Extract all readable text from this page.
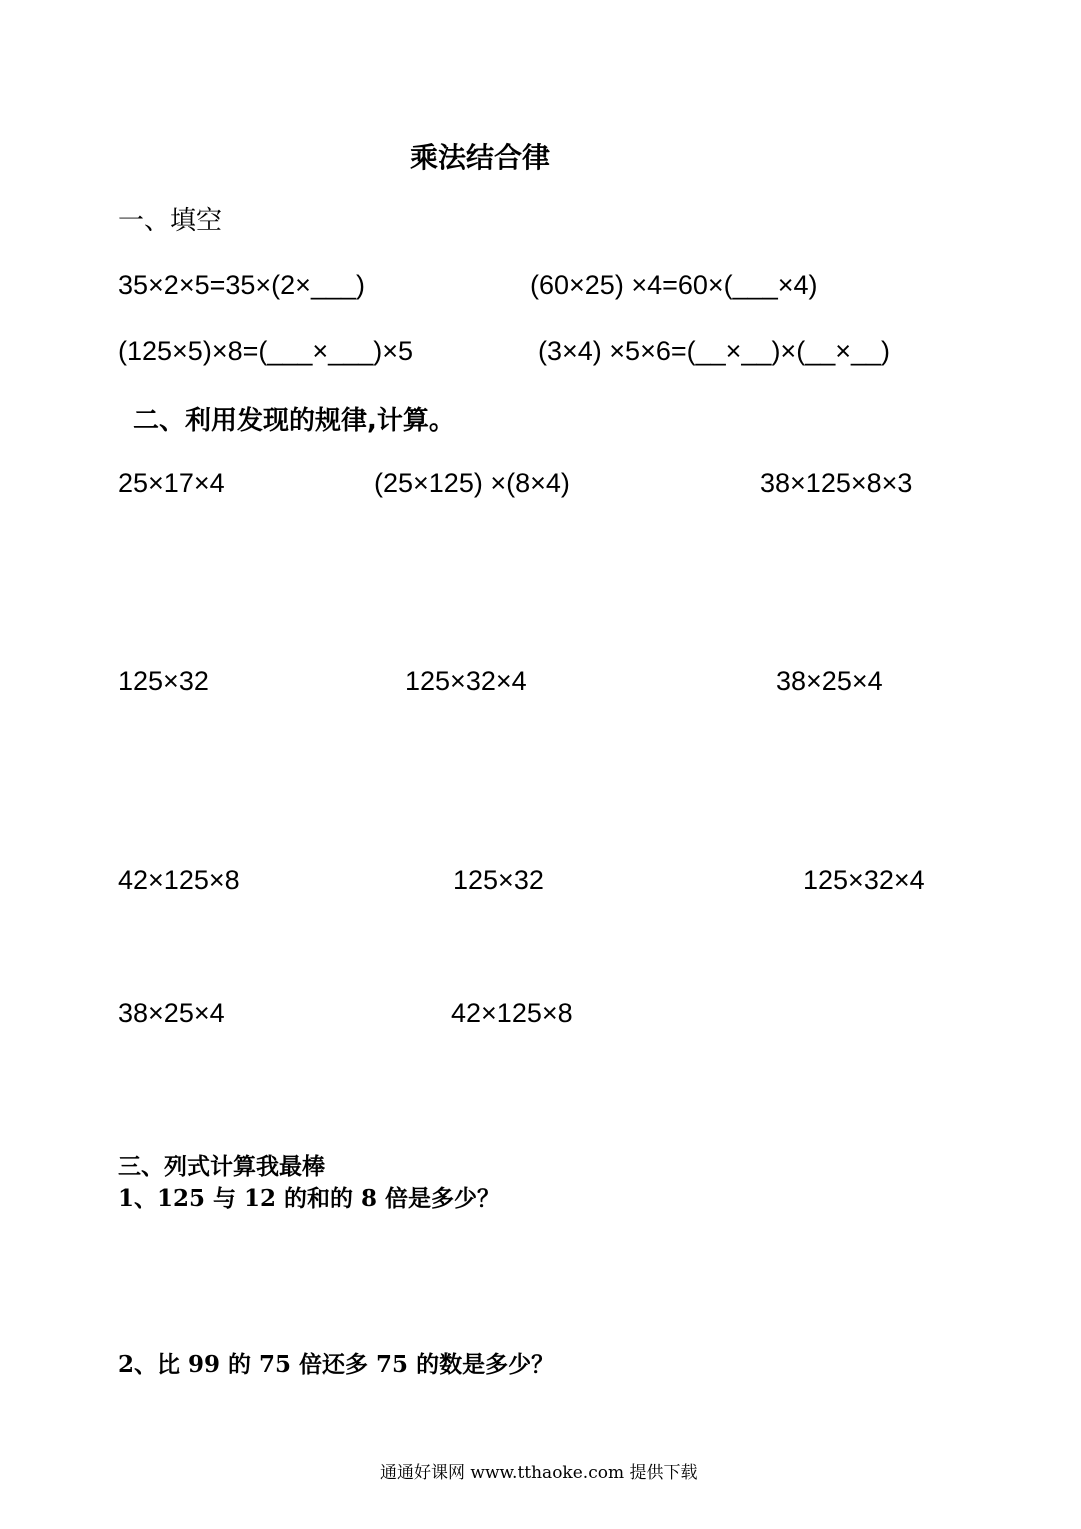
乘法结合律
一、填空
35×2×5=35×(2×___)	(60×25) ×4=60×(___×4)
(125×5)×8=(___×___)×5	(3×4) ×5×6=(__×__)×(__×__)
二、利用发现的规律,计算。
25×17×4	(25×125) ×(8×4)	38×125×8×3
125×32	125×32×4	38×25×4
42×125×8	125×32	125×32×4
38×25×4	42×125×8
三、列式计算我最棒
1、125 与 12 的和的 8 倍是多少？
2、比 99 的 75 倍还多 75 的数是多少？
通通好课网 www.tthaoke.com 提供下载
